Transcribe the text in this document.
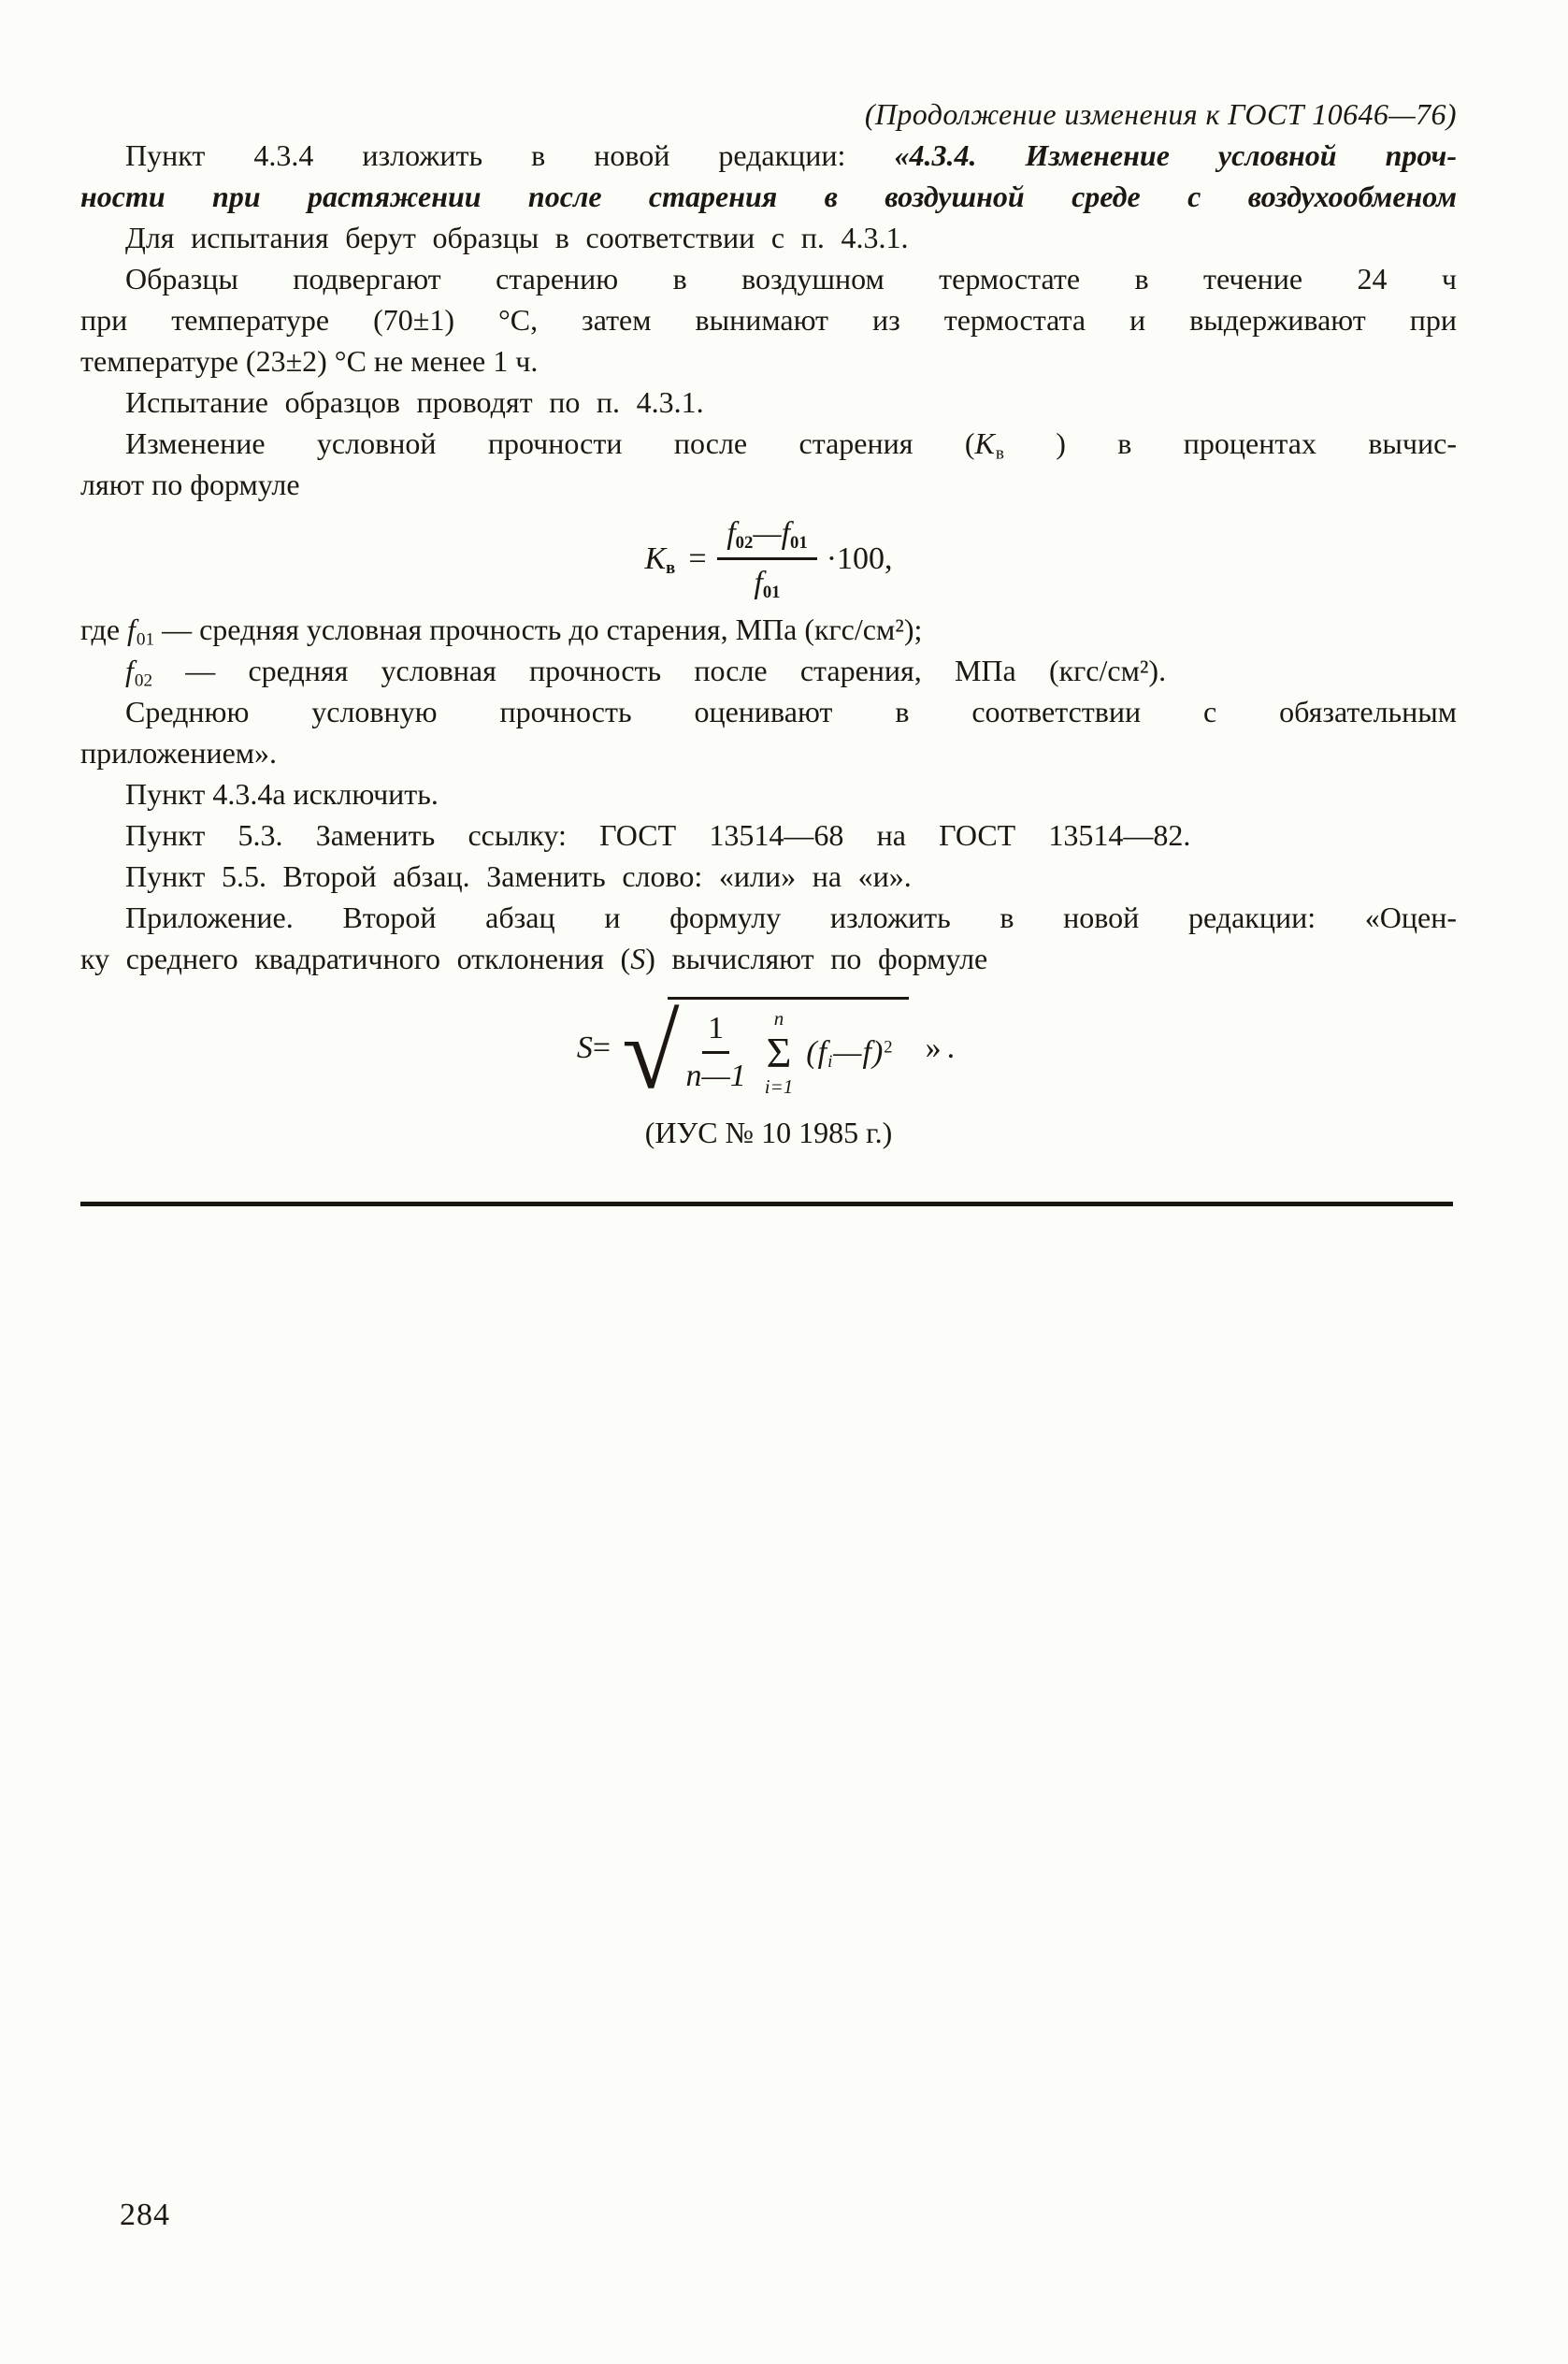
(Продолжение изменения к ГОСТ 10646—76)
Пункт 4.3.4 изложить в новой редакции: «4.3.4. Изменение условной проч-
ности при растяжении после старения в воздушной среде с воздухообменом
Для испытания берут образцы в соответствии с п. 4.3.1.
Образцы подвергают старению в воздушном термостате в течение 24 ч
при температуре (70±1) °С, затем вынимают из термостата и выдерживают при
температуре (23±2) °С не менее 1 ч.
Испытание образцов проводят по п. 4.3.1.
Изменение условной прочности после старения ($K_в$ ) в процентах вычис-
ляют по формуле
$K_в = \frac{f_{02}—f_{01}}{f_{01}} \cdot 100$,
где $f_{01}$ — средняя условная прочность до старения, МПа (кгс/см²);
$f_{02}$ — средняя условная прочность после старения, МПа (кгс/см²).
Среднюю условную прочность оценивают в соответствии с обязательным
приложением».
Пункт 4.3.4а исключить.
Пункт 5.3. Заменить ссылку: ГОСТ 13514—68 на ГОСТ 13514—82.
Пункт 5.5. Второй абзац. Заменить слово: «или» на «и».
Приложение. Второй абзац и формулу изложить в новой редакции: «Оцен-
ку среднего квадратичного отклонения (S) вычисляют по формуле
S= √ $\frac{1}{n—1}$ n
Σ
i=1
$(f_i—f)^2$ ».
(ИУС № 10 1985 г.)
284
